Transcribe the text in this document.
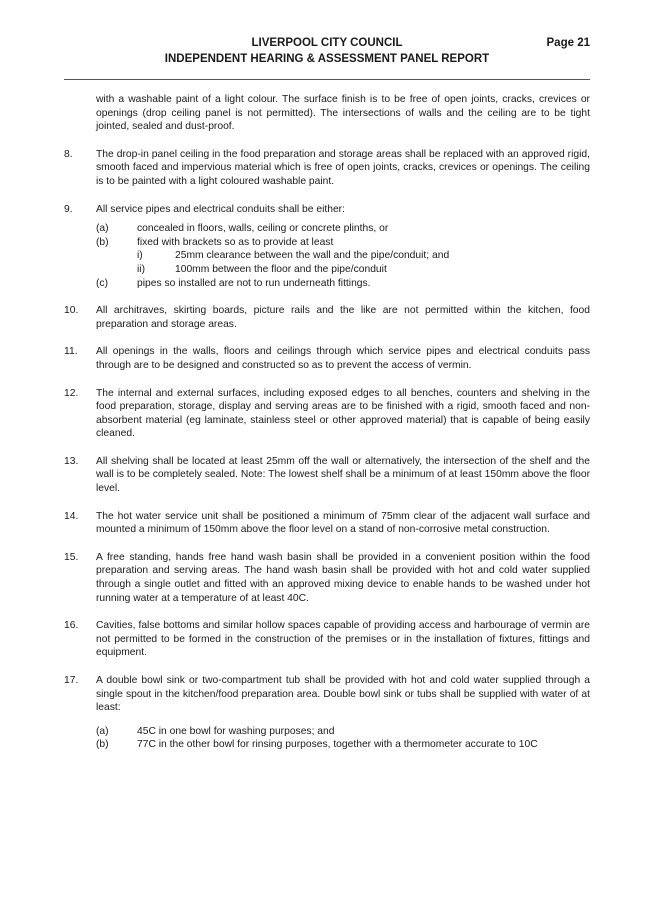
LIVERPOOL CITY COUNCIL
INDEPENDENT HEARING & ASSESSMENT PANEL REPORT
Page 21

with a washable paint of a light colour. The surface finish is to be free of open joints, cracks, crevices or openings (drop ceiling panel is not permitted). The intersections of walls and the ceiling are to be tight jointed, sealed and dust-proof.

8.	The drop-in panel ceiling in the food preparation and storage areas shall be replaced with an approved rigid, smooth faced and impervious material which is free of open joints, cracks, crevices or openings. The ceiling is to be painted with a light coloured washable paint.
9.	All service pipes and electrical conduits shall be either:
(a)	concealed in floors, walls, ceiling or concrete plinths, or
(b)	fixed with brackets so as to provide at least
i)	25mm clearance between the wall and the pipe/conduit; and
ii)	100mm between the floor and the pipe/conduit
(c)	pipes so installed are not to run underneath fittings.
10.	All architraves, skirting boards, picture rails and the like are not permitted within the kitchen, food preparation and storage areas.
11.	All openings in the walls, floors and ceilings through which service pipes and electrical conduits pass through are to be designed and constructed so as to prevent the access of vermin.
12.	The internal and external surfaces, including exposed edges to all benches, counters and shelving in the food preparation, storage, display and serving areas are to be finished with a rigid, smooth faced and non-absorbent material (eg laminate, stainless steel or other approved material) that is capable of being easily cleaned.
13.	All shelving shall be located at least 25mm off the wall or alternatively, the intersection of the shelf and the wall is to be completely sealed. Note: The lowest shelf shall be a minimum of at least 150mm above the floor level.
14.	The hot water service unit shall be positioned a minimum of 75mm clear of the adjacent wall surface and mounted a minimum of 150mm above the floor level on a stand of non-corrosive metal construction.
15.	A free standing, hands free hand wash basin shall be provided in a convenient position within the food preparation and serving areas. The hand wash basin shall be provided with hot and cold water supplied through a single outlet and fitted with an approved mixing device to enable hands to be washed under hot running water at a temperature of at least 40C.
16.	Cavities, false bottoms and similar hollow spaces capable of providing access and harbourage of vermin are not permitted to be formed in the construction of the premises or in the installation of fixtures, fittings and equipment.
17.	A double bowl sink or two-compartment tub shall be provided with hot and cold water supplied through a single spout in the kitchen/food preparation area. Double bowl sink or tubs shall be supplied with water of at least:
(a)	45C in one bowl for washing purposes; and
(b)	77C in the other bowl for rinsing purposes, together with a thermometer accurate to 10C
